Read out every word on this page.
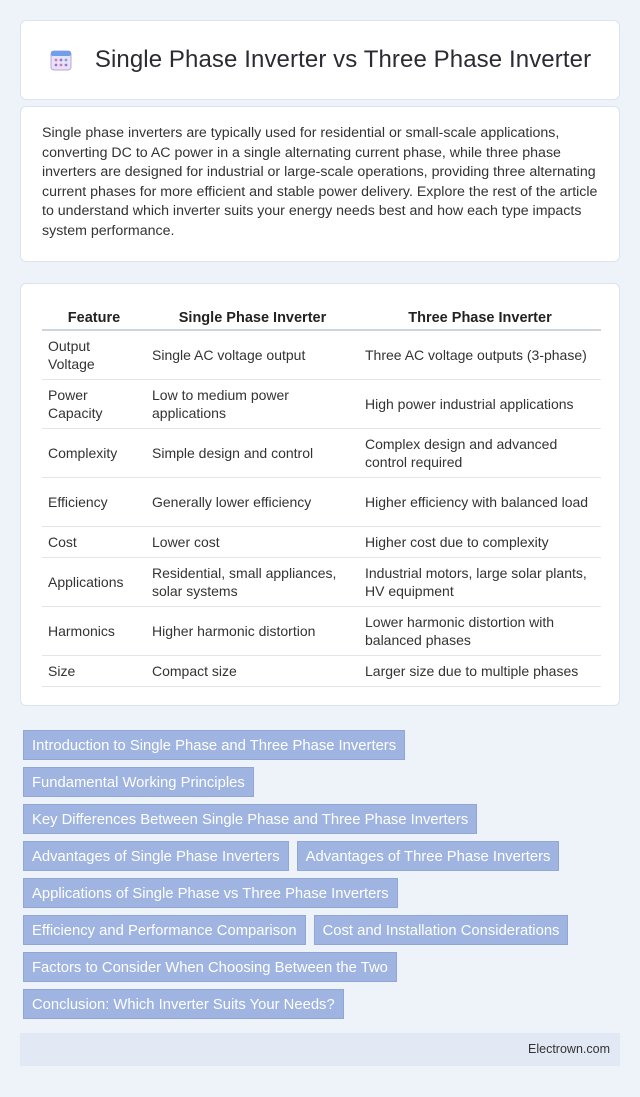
Single Phase Inverter vs Three Phase Inverter

Single phase inverters are typically used for residential or small-scale applications, converting DC to AC power in a single alternating current phase, while three phase inverters are designed for industrial or large-scale operations, providing three alternating current phases for more efficient and stable power delivery. Explore the rest of the article to understand which inverter suits your energy needs best and how each type impacts system performance.

Feature	Single Phase Inverter	Three Phase Inverter
Output Voltage	Single AC voltage output	Three AC voltage outputs (3-phase)
Power Capacity	Low to medium power applications	High power industrial applications
Complexity	Simple design and control	Complex design and advanced control required
Efficiency	Generally lower efficiency	Higher efficiency with balanced load
Cost	Lower cost	Higher cost due to complexity
Applications	Residential, small appliances, solar systems	Industrial motors, large solar plants, HV equipment
Harmonics	Higher harmonic distortion	Lower harmonic distortion with balanced phases
Size	Compact size	Larger size due to multiple phases
Introduction to Single Phase and Three Phase Inverters
Fundamental Working Principles
Key Differences Between Single Phase and Three Phase Inverters
Advantages of Single Phase Inverters	Advantages of Three Phase Inverters
Applications of Single Phase vs Three Phase Inverters
Efficiency and Performance Comparison	Cost and Installation Considerations
Factors to Consider When Choosing Between the Two
Conclusion: Which Inverter Suits Your Needs?
Electrown.com
